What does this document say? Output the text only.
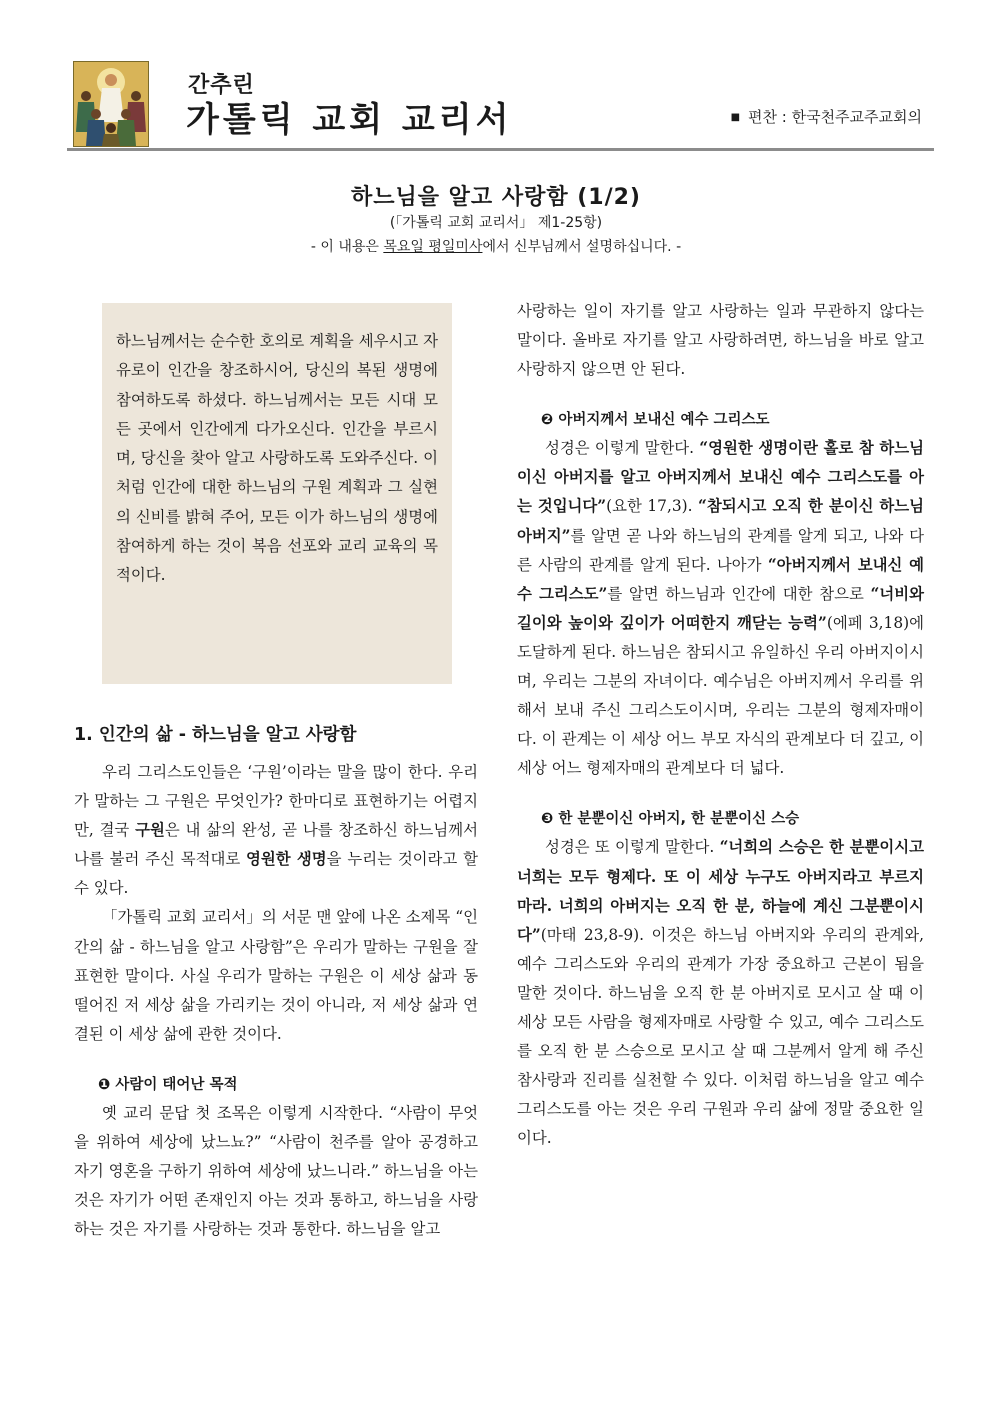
간추린
가톨릭 교회 교리서	■ 편찬 : 한국천주교주교회의
하느님을 알고 사랑함 (1/2)
(「가톨릭 교회 교리서」 제1-25항)
- 이 내용은 목요일 평일미사에서 신부님께서 설명하십니다. -

하느님께서는 순수한 호의로 계획을 세우시고 자유로이 인간을 창조하시어, 당신의 복된 생명에 참여하도록 하셨다. 하느님께서는 모든 시대 모든 곳에서 인간에게 다가오신다. 인간을 부르시며, 당신을 찾아 알고 사랑하도록 도와주신다. 이처럼 인간에 대한 하느님의 구원 계획과 그 실현의 신비를 밝혀 주어, 모든 이가 하느님의 생명에 참여하게 하는 것이 복음 선포와 교리 교육의 목적이다.

1. 인간의 삶 - 하느님을 알고 사랑함

우리 그리스도인들은 ‘구원’이라는 말을 많이 한다. 우리가 말하는 그 구원은 무엇인가? 한마디로 표현하기는 어렵지만, 결국 구원은 내 삶의 완성, 곧 나를 창조하신 하느님께서 나를 불러 주신 목적대로 영원한 생명을 누리는 것이라고 할 수 있다.

「가톨릭 교회 교리서」의 서문 맨 앞에 나온 소제목 “인간의 삶 - 하느님을 알고 사랑함”은 우리가 말하는 구원을 잘 표현한 말이다. 사실 우리가 말하는 구원은 이 세상 삶과 동떨어진 저 세상 삶을 가리키는 것이 아니라, 저 세상 삶과 연결된 이 세상 삶에 관한 것이다.

❶ 사람이 태어난 목적

옛 교리 문답 첫 조목은 이렇게 시작한다. “사람이 무엇을 위하여 세상에 났느뇨?” “사람이 천주를 알아 공경하고 자기 영혼을 구하기 위하여 세상에 났느니라.” 하느님을 아는 것은 자기가 어떤 존재인지 아는 것과 통하고, 하느님을 사랑하는 것은 자기를 사랑하는 것과 통한다. 하느님을 알고

사랑하는 일이 자기를 알고 사랑하는 일과 무관하지 않다는 말이다. 올바로 자기를 알고 사랑하려면, 하느님을 바로 알고 사랑하지 않으면 안 된다.

❷ 아버지께서 보내신 예수 그리스도

성경은 이렇게 말한다. “영원한 생명이란 홀로 참 하느님이신 아버지를 알고 아버지께서 보내신 예수 그리스도를 아는 것입니다”(요한 17,3). “참되시고 오직 한 분이신 하느님 아버지”를 알면 곧 나와 하느님의 관계를 알게 되고, 나와 다른 사람의 관계를 알게 된다. 나아가 “아버지께서 보내신 예수 그리스도”를 알면 하느님과 인간에 대한 참으로 “너비와 길이와 높이와 깊이가 어떠한지 깨닫는 능력”(에페 3,18)에 도달하게 된다. 하느님은 참되시고 유일하신 우리 아버지이시며, 우리는 그분의 자녀이다. 예수님은 아버지께서 우리를 위해서 보내 주신 그리스도이시며, 우리는 그분의 형제자매이다. 이 관계는 이 세상 어느 부모 자식의 관계보다 더 깊고, 이 세상 어느 형제자매의 관계보다 더 넓다.

❸ 한 분뿐이신 아버지, 한 분뿐이신 스승

성경은 또 이렇게 말한다. “너희의 스승은 한 분뿐이시고 너희는 모두 형제다. 또 이 세상 누구도 아버지라고 부르지 마라. 너희의 아버지는 오직 한 분, 하늘에 계신 그분뿐이시다”(마태 23,8-9). 이것은 하느님 아버지와 우리의 관계와, 예수 그리스도와 우리의 관계가 가장 중요하고 근본이 됨을 말한 것이다. 하느님을 오직 한 분 아버지로 모시고 살 때 이 세상 모든 사람을 형제자매로 사랑할 수 있고, 예수 그리스도를 오직 한 분 스승으로 모시고 살 때 그분께서 알게 해 주신 참사랑과 진리를 실천할 수 있다. 이처럼 하느님을 알고 예수 그리스도를 아는 것은 우리 구원과 우리 삶에 정말 중요한 일이다.
